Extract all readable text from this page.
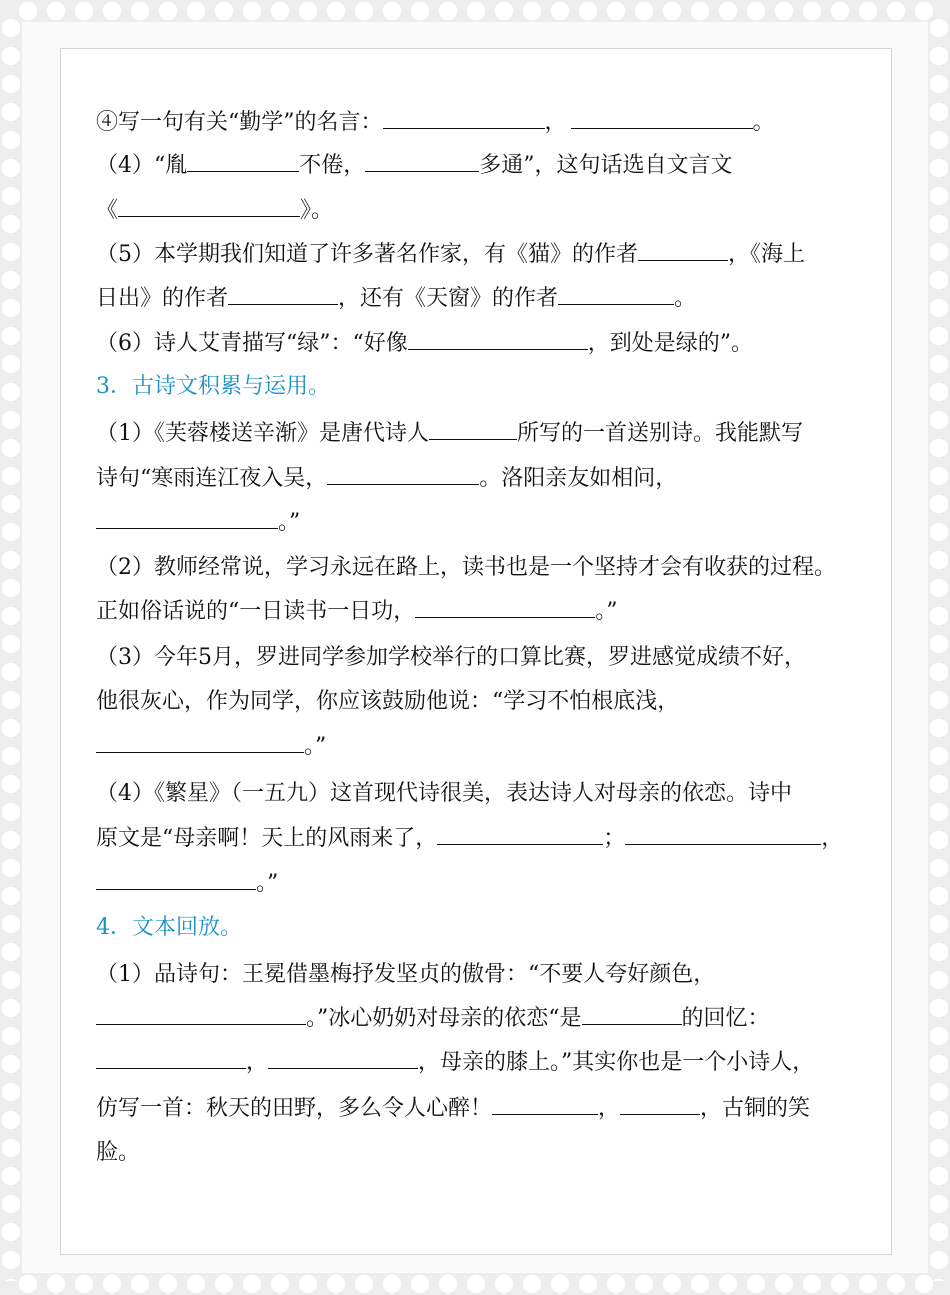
④写一句有关“勤学”的名言：	，	。
（4）“胤	不倦，	多通”，这句话选自文言文
《	》。
（5）本学期我们知道了许多著名作家，有《猫》的作者	，《海上
日出》的作者	，还有《天窗》的作者	。
（6）诗人艾青描写“绿”：“好像	，到处是绿的”。
3．古诗文积累与运用。
（1）《芙蓉楼送辛渐》是唐代诗人	所写的一首送别诗。我能默写
诗句“寒雨连江夜入吴，	。洛阳亲友如相问，
。”
（2）教师经常说，学习永远在路上，读书也是一个坚持才会有收获的过程。
正如俗话说的“一日读书一日功，	。”
（3）今年5月，罗进同学参加学校举行的口算比赛，罗进感觉成绩不好，
他很灰心，作为同学，你应该鼓励他说：“学习不怕根底浅，
。”
（4）《繁星》（一五九）这首现代诗很美，表达诗人对母亲的依恋。诗中
原文是“母亲啊！天上的风雨来了，	；	，
。”
4．文本回放。
（1）品诗句：王冕借墨梅抒发坚贞的傲骨：“不要人夸好颜色，
。”冰心奶奶对母亲的依恋“是	的回忆：
，	，母亲的膝上。”其实你也是一个小诗人，
仿写一首：秋天的田野，多么令人心醉！	，	，古铜的笑
脸。
